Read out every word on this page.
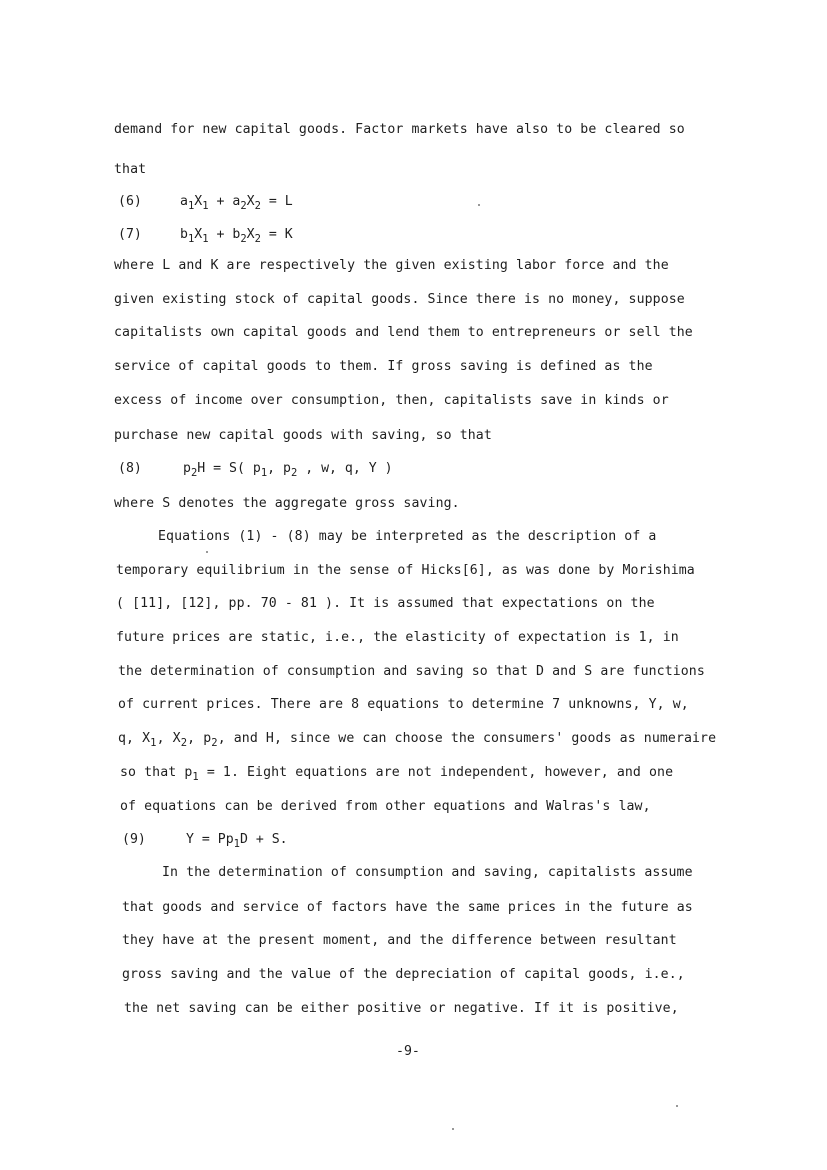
demand for new capital goods. Factor markets have also to be cleared so
that
(6)	$a_1X_1 + a_2X_2 = L$
(7)	$b_1X_1 + b_2X_2 = K$
where L and K are respectively the given existing labor force and the
given existing stock of capital goods. Since there is no money, suppose
capitalists own capital goods and lend them to entrepreneurs or sell the
service of capital goods to them. If gross saving is defined as the
excess of income over consumption, then, capitalists save in kinds or
purchase new capital goods with saving, so that
(8)	$p_2H = S$( $p_1$, $p_2$ , w, q, Y )
where S denotes the aggregate gross saving.
Equations (1) - (8) may be interpreted as the description of a
temporary equilibrium in the sense of Hicks[6], as was done by Morishima
( [11], [12], pp. 70 - 81 ). It is assumed that expectations on the
future prices are static, i.e., the elasticity of expectation is 1, in
the determination of consumption and saving so that D and S are functions
of current prices. There are 8 equations to determine 7 unknowns, Y, w,
q, $X_1$, $X_2$, $p_2$, and H, since we can choose the consumers' goods as numeraire
so that $p_1 = 1$. Eight equations are not independent, however, and one
of equations can be derived from other equations and Walras's law,
(9)	$Y = Pp_1D + S$.
In the determination of consumption and saving, capitalists assume
that goods and service of factors have the same prices in the future as
they have at the present moment, and the difference between resultant
gross saving and the value of the depreciation of capital goods, i.e.,
the net saving can be either positive or negative. If it is positive,
-9-
